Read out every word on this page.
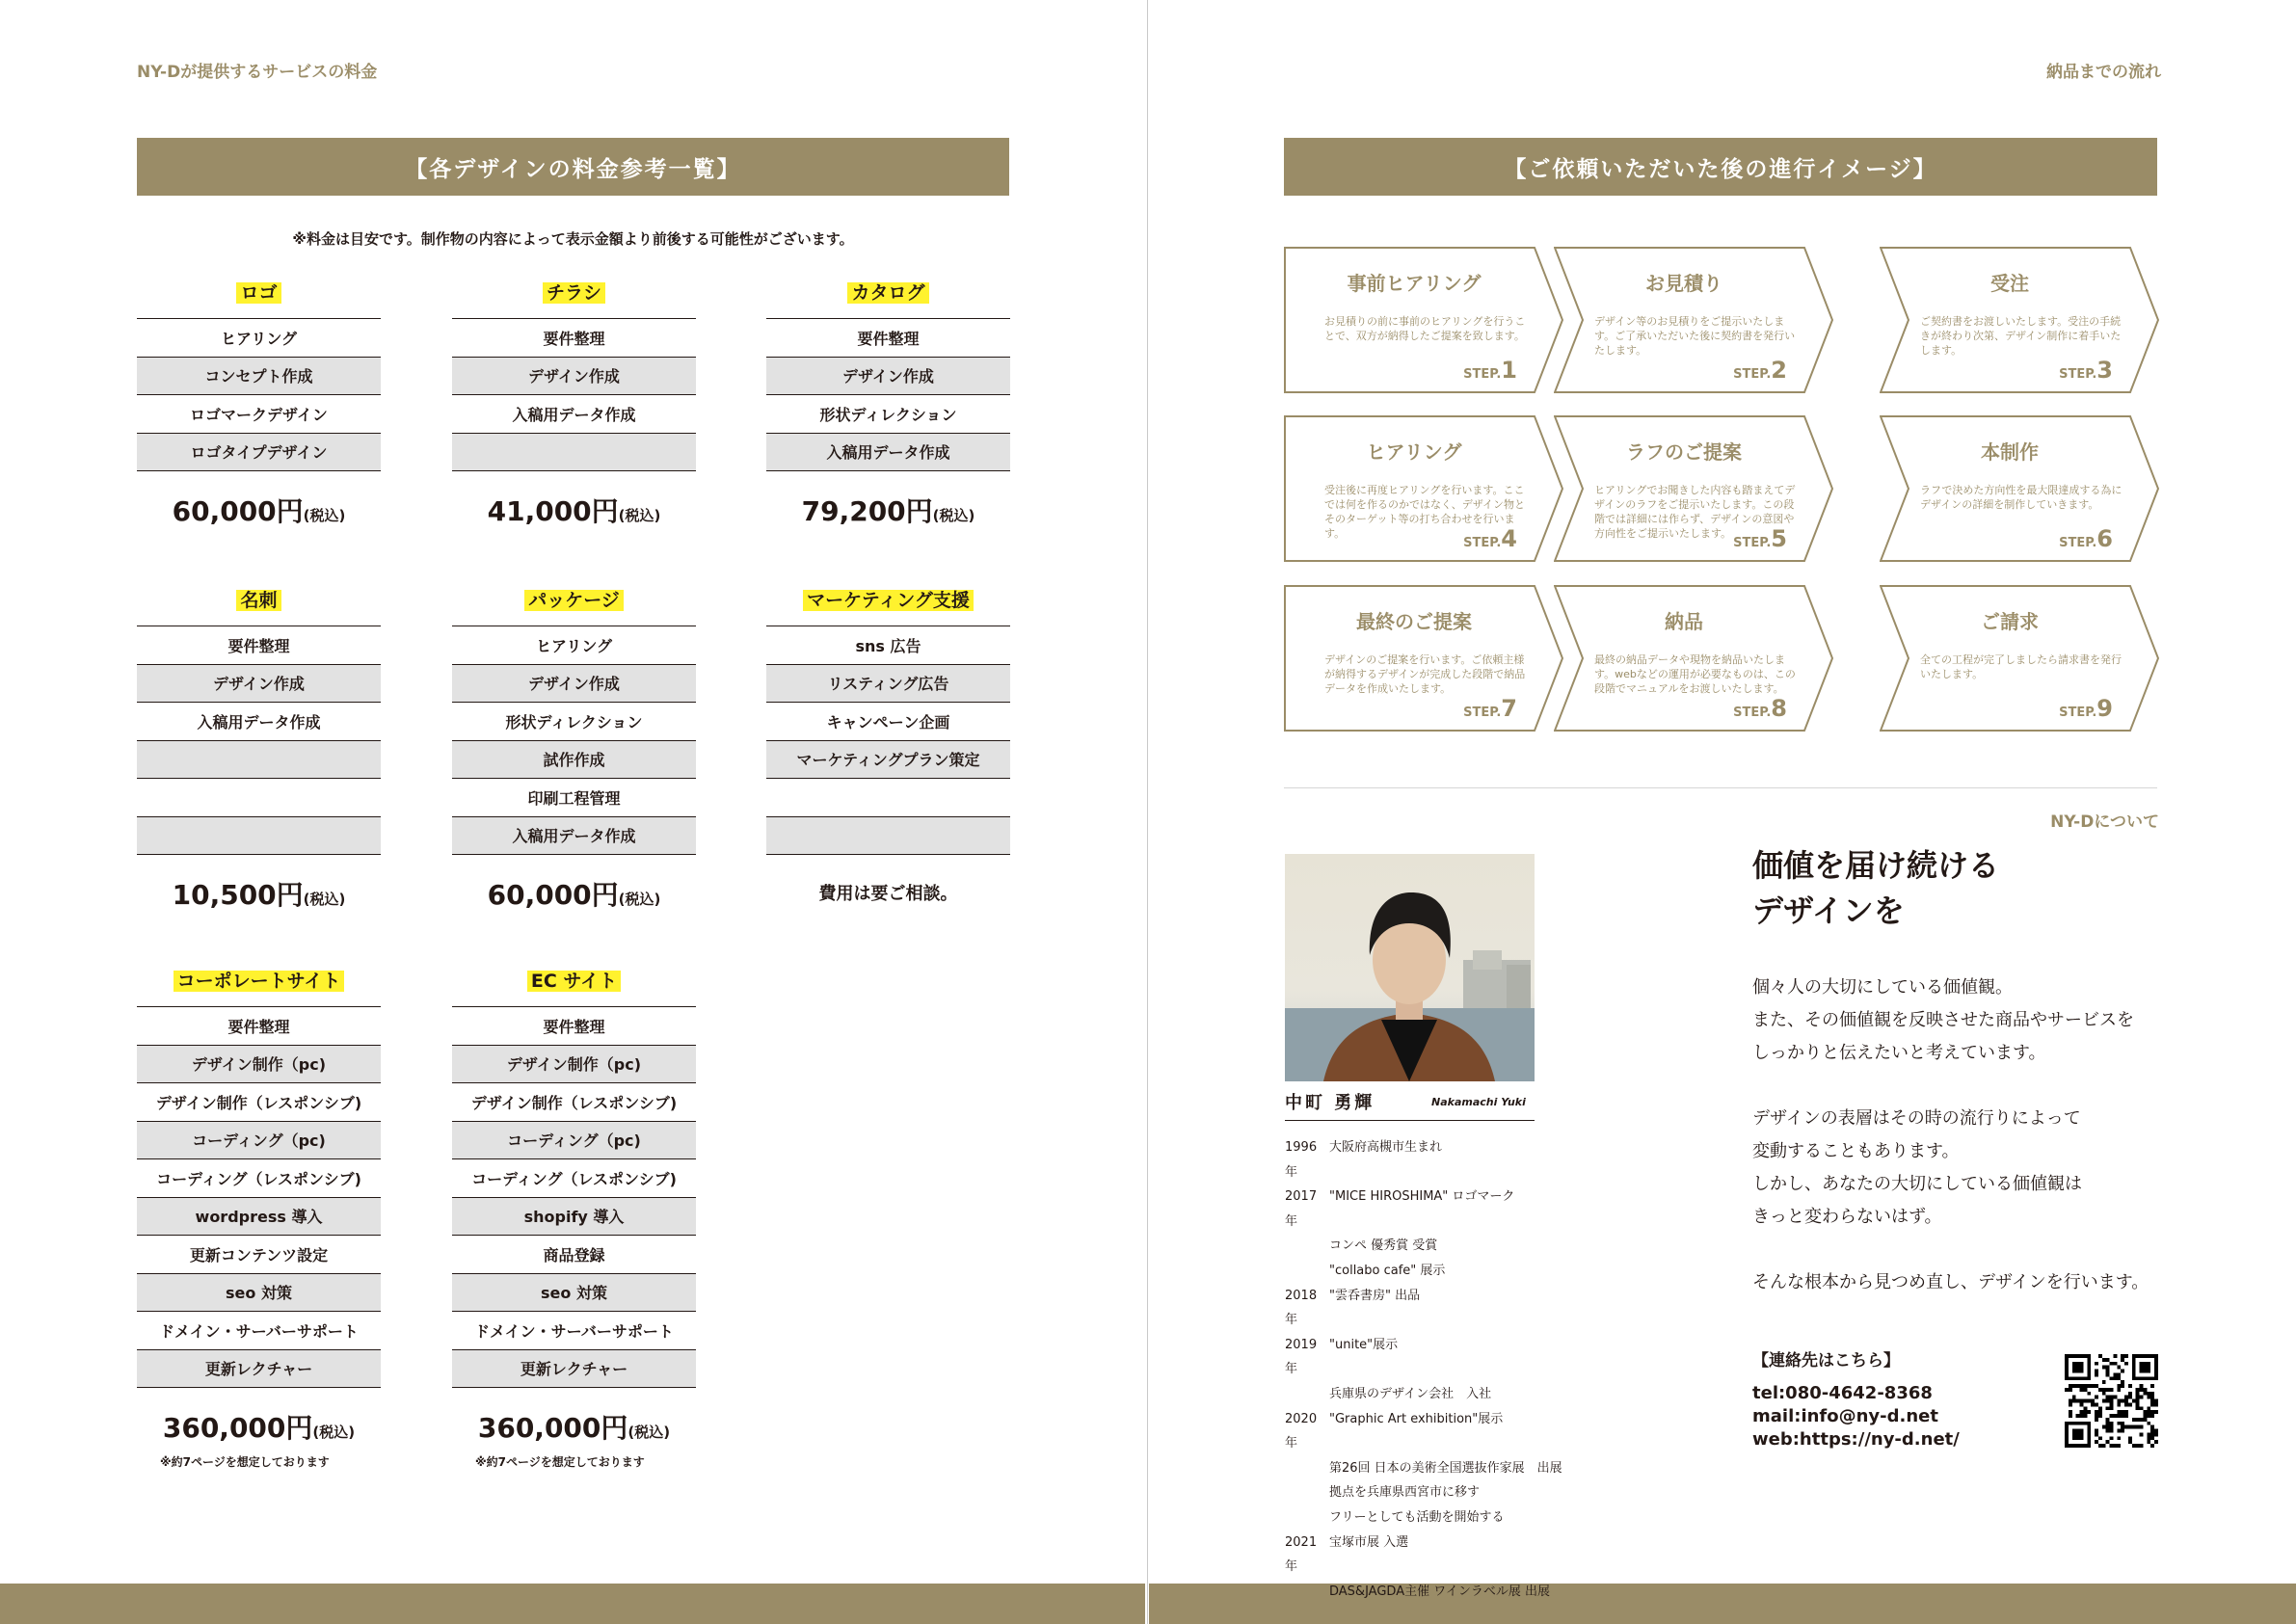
NY-Dが提供するサービスの料金
【各デザインの料金参考一覧】
※料金は目安です。制作物の内容によって表示金額より前後する可能性がございます。
ロゴ
ヒアリング
コンセプト作成
ロゴマークデザイン
ロゴタイプデザイン
60,000円(税込)
チラシ
要件整理
デザイン作成
入稿用データ作成
41,000円(税込)
カタログ
要件整理
デザイン作成
形状ディレクション
入稿用データ作成
79,200円(税込)
名刺
要件整理
デザイン作成
入稿用データ作成
10,500円(税込)
パッケージ
ヒアリング
デザイン作成
形状ディレクション
試作作成
印刷工程管理
入稿用データ作成
60,000円(税込)
マーケティング支援
sns 広告
リスティング広告
キャンペーン企画
マーケティングプラン策定
費用は要ご相談。
コーポレートサイト
要件整理
デザイン制作（pc)
デザイン制作（レスポンシブ)
コーディング（pc)
コーディング（レスポンシブ)
wordpress 導入
更新コンテンツ設定
seo 対策
ドメイン・サーバーサポート
更新レクチャー
360,000円(税込)
※約7ページを想定しております
EC サイト
要件整理
デザイン制作（pc)
デザイン制作（レスポンシブ)
コーディング（pc)
コーディング（レスポンシブ)
shopify 導入
商品登録
seo 対策
ドメイン・サーバーサポート
更新レクチャー
360,000円(税込)
※約7ページを想定しております
納品までの流れ
【ご依頼いただいた後の進行イメージ】
事前ヒアリング
お見積りの前に事前のヒアリングを行うことで、双方が納得したご提案を致します。
STEP.1
お見積り
デザイン等のお見積りをご提示いたします。ご了承いただいた後に契約書を発行いたします。
STEP.2
受注
ご契約書をお渡しいたします。受注の手続きが終わり次第、デザイン制作に着手いたします。
STEP.3
ヒアリング
受注後に再度ヒアリングを行います。ここでは何を作るのかではなく、デザイン物とそのターゲット等の打ち合わせを行います。
STEP.4
ラフのご提案
ヒアリングでお聞きした内容も踏まえてデザインのラフをご提示いたします。この段階では詳細には作らず、デザインの意図や方向性をご提示いたします。
STEP.5
本制作
ラフで決めた方向性を最大限達成する為にデザインの詳細を制作していきます。
STEP.6
最終のご提案
デザインのご提案を行います。ご依頼主様が納得するデザインが完成した段階で納品データを作成いたします。
STEP.7
納品
最終の納品データや現物を納品いたします。webなどの運用が必要なものは、この段階でマニュアルをお渡しいたします。
STEP.8
ご請求
全ての工程が完了しましたら請求書を発行いたします。
STEP.9
NY-Dについて
中町 勇輝	Nakamachi Yuki
1996年
大阪府高槻市生まれ
2017年
"MICE HIROSHIMA" ロゴマーク
コンペ 優秀賞 受賞
"collabo cafe" 展示
2018年
"雲呑書房" 出品
2019年
"unite"展示
兵庫県のデザイン会社　入社
2020年
"Graphic Art exhibition"展示
第26回 日本の美術全国選抜作家展　出展
拠点を兵庫県西宮市に移す
フリーとしても活動を開始する
2021年
宝塚市展 入選
DAS&JAGDA主催 ワインラベル展 出展
価値を届け続ける
デザインを
個々人の大切にしている価値観。
また、その価値観を反映させた商品やサービスを
しっかりと伝えたいと考えています。
デザインの表層はその時の流行りによって
変動することもあります。
しかし、あなたの大切にしている価値観は
きっと変わらないはず。
そんな根本から見つめ直し、デザインを行います。
【連絡先はこちら】
tel:080-4642-8368
mail:info@ny-d.net
web:https://ny-d.net/
